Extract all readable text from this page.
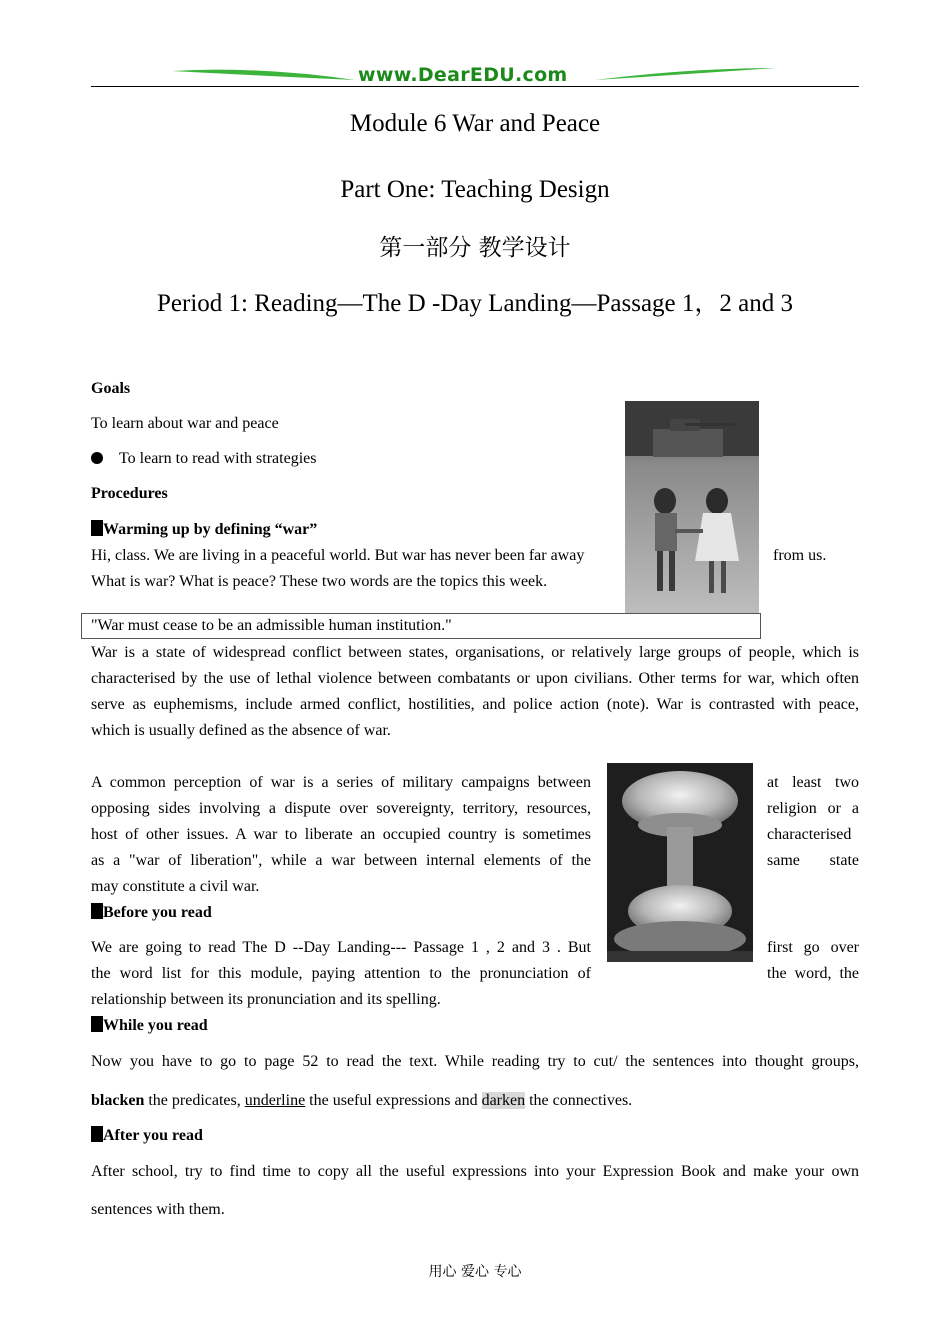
www.DearEDU.com
Module 6 War and Peace
Part One: Teaching Design
第一部分 教学设计
Period 1: Reading—The D -Day Landing—Passage 1，2 and 3
Goals
To learn about war and peace
To learn to read with strategies
Procedures
Warming up by defining “war”
Hi, class. We are living in a peaceful world. But war has never been far away	from us.
What is war? What is peace? These two words are the topics this week.
"War must cease to be an admissible human institution."
War is a state of widespread conflict between states, organisations, or relatively large groups of people, which is
characterised by the use of lethal violence between combatants or upon civilians. Other terms for war, which often
serve as euphemisms, include armed conflict, hostilities, and police action (note). War is contrasted with peace,
which is usually defined as the absence of war.
A common perception of war is a series of military campaigns between
opposing sides involving a dispute over sovereignty, territory, resources,
host of other issues. A war to liberate an occupied country is sometimes
as a "war of liberation", while a war between internal elements of the
may constitute a civil war.
at least two
religion or a
characterised
same state
Before you read
We are going to read The D --Day Landing--- Passage 1 , 2 and 3 . But
the word list for this module, paying attention to the pronunciation of
relationship between its pronunciation and its spelling.
first go over
the word, the
While you read
Now you have to go to page 52 to read the text. While reading try to cut/ the sentences into thought groups,
blacken the predicates, underline the useful expressions and darken the connectives.
After you read
After school, try to find time to copy all the useful expressions into your Expression Book and make your own
sentences with them.
用心 爱心 专心
